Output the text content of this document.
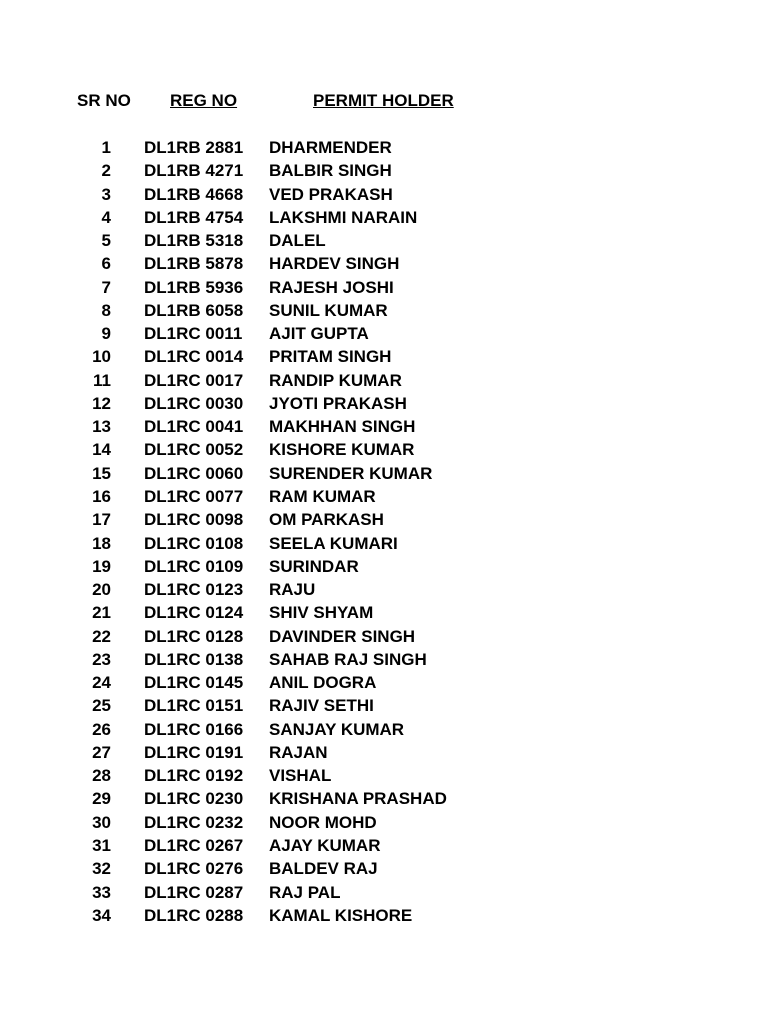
SR NO REG NO	PERMIT HOLDER
1 DL1RB 2881 DHARMENDER
2 DL1RB 4271 BALBIR SINGH
3 DL1RB 4668 VED PRAKASH
4 DL1RB 4754 LAKSHMI NARAIN
5 DL1RB 5318 DALEL
6 DL1RB 5878 HARDEV SINGH
7 DL1RB 5936 RAJESH JOSHI
8 DL1RB 6058 SUNIL KUMAR
9 DL1RC 0011 AJIT GUPTA
10 DL1RC 0014 PRITAM SINGH
11 DL1RC 0017 RANDIP KUMAR
12 DL1RC 0030 JYOTI PRAKASH
13 DL1RC 0041 MAKHHAN SINGH
14 DL1RC 0052 KISHORE KUMAR
15 DL1RC 0060 SURENDER KUMAR
16 DL1RC 0077 RAM KUMAR
17 DL1RC 0098 OM PARKASH
18 DL1RC 0108 SEELA KUMARI
19 DL1RC 0109 SURINDAR
20 DL1RC 0123 RAJU
21 DL1RC 0124 SHIV SHYAM
22 DL1RC 0128 DAVINDER SINGH
23 DL1RC 0138 SAHAB RAJ SINGH
24 DL1RC 0145 ANIL DOGRA
25 DL1RC 0151 RAJIV SETHI
26 DL1RC 0166 SANJAY KUMAR
27 DL1RC 0191 RAJAN
28 DL1RC 0192 VISHAL
29 DL1RC 0230 KRISHANA PRASHAD
30 DL1RC 0232 NOOR MOHD
31 DL1RC 0267 AJAY KUMAR
32 DL1RC 0276 BALDEV RAJ
33 DL1RC 0287 RAJ PAL
34 DL1RC 0288 KAMAL KISHORE
